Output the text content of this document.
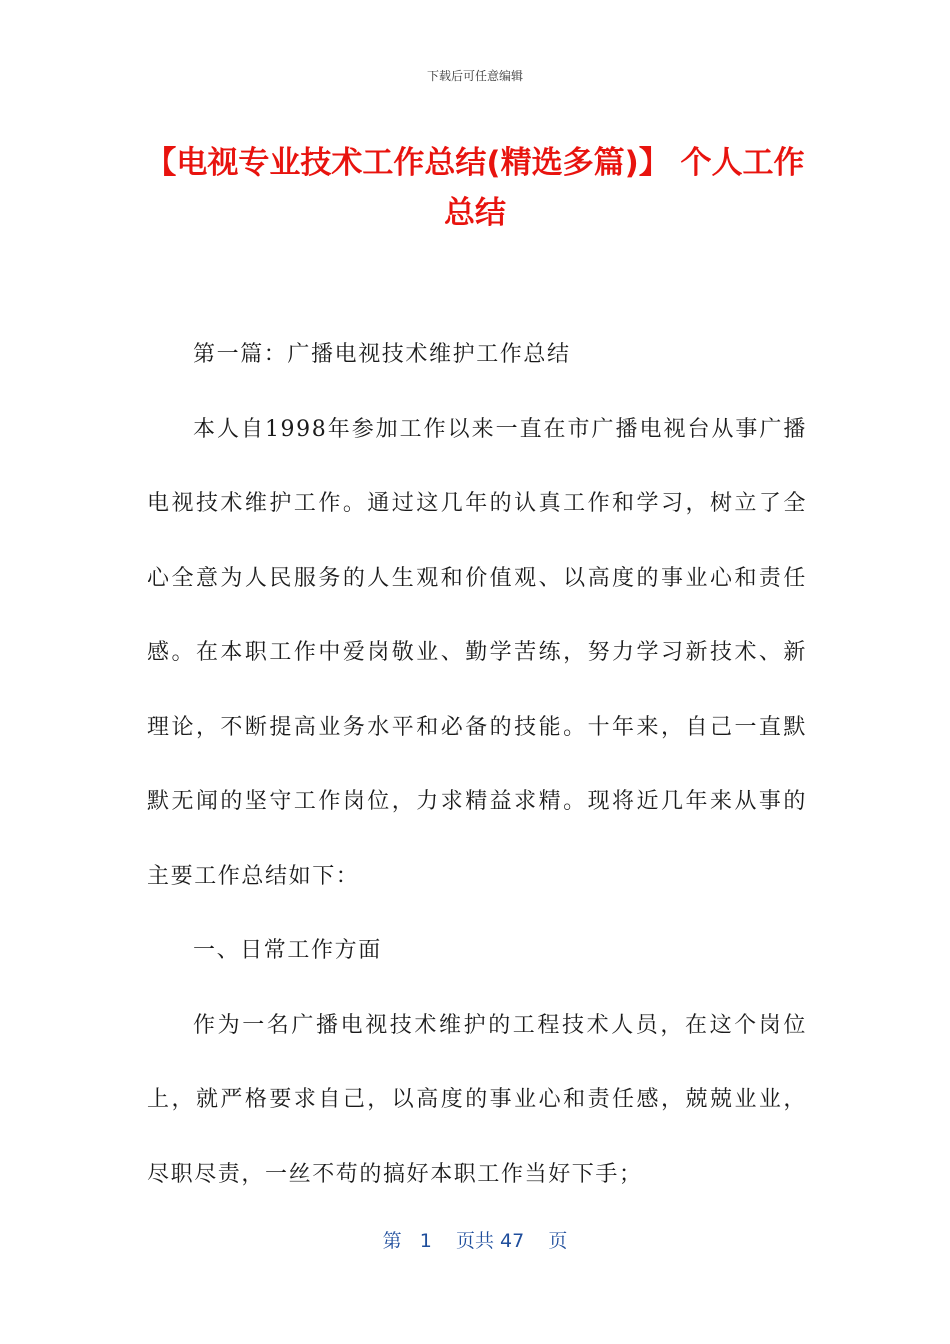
下载后可任意编辑
【电视专业技术工作总结(精选多篇)】 个人工作总结

第一篇：广播电视技术维护工作总结

本人自1998年参加工作以来一直在市广播电视台从事广播电视技术维护工作。通过这几年的认真工作和学习，树立了全心全意为人民服务的人生观和价值观、以高度的事业心和责任感。在本职工作中爱岗敬业、勤学苦练，努力学习新技术、新理论，不断提高业务水平和必备的技能。十年来，自己一直默默无闻的坚守工作岗位，力求精益求精。现将近几年来从事的主要工作总结如下：

一、日常工作方面

作为一名广播电视技术维护的工程技术人员，在这个岗位上，就严格要求自己，以高度的事业心和责任感，兢兢业业，尽职尽责，一丝不苟的搞好本职工作当好下手；

第 1 页共 47 页
